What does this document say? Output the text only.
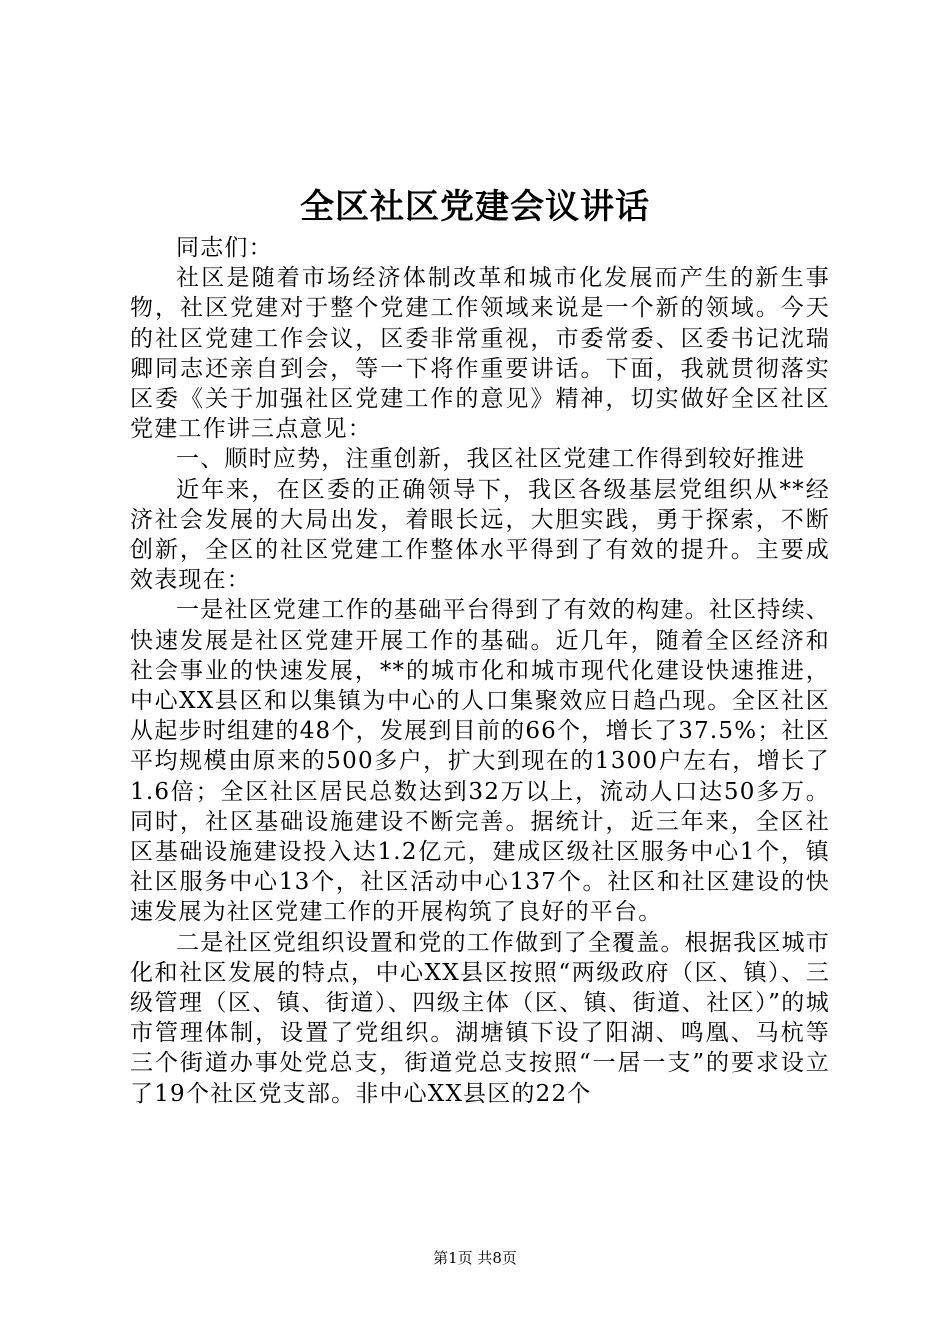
全区社区党建会议讲话

同志们：

社区是随着市场经济体制改革和城市化发展而产生的新生事物，社区党建对于整个党建工作领域来说是一个新的领域。今天的社区党建工作会议，区委非常重视，市委常委、区委书记沈瑞卿同志还亲自到会，等一下将作重要讲话。下面，我就贯彻落实区委《关于加强社区党建工作的意见》精神，切实做好全区社区党建工作讲三点意见：

一、顺时应势，注重创新，我区社区党建工作得到较好推进

近年来，在区委的正确领导下，我区各级基层党组织从**经济社会发展的大局出发，着眼长远，大胆实践，勇于探索，不断创新，全区的社区党建工作整体水平得到了有效的提升。主要成效表现在：

一是社区党建工作的基础平台得到了有效的构建。社区持续、快速发展是社区党建开展工作的基础。近几年，随着全区经济和社会事业的快速发展，**的城市化和城市现代化建设快速推进，中心XX县区和以集镇为中心的人口集聚效应日趋凸现。全区社区从起步时组建的48个，发展到目前的66个，增长了37.5%；社区平均规模由原来的500多户，扩大到现在的1300户左右，增长了1.6倍；全区社区居民总数达到32万以上，流动人口达50多万。同时，社区基础设施建设不断完善。据统计，近三年来，全区社区基础设施建设投入达1.2亿元，建成区级社区服务中心1个，镇社区服务中心13个，社区活动中心137个。社区和社区建设的快速发展为社区党建工作的开展构筑了良好的平台。

二是社区党组织设置和党的工作做到了全覆盖。根据我区城市化和社区发展的特点，中心XX县区按照“两级政府（区、镇）、三级管理（区、镇、街道）、四级主体（区、镇、街道、社区）”的城市管理体制，设置了党组织。湖塘镇下设了阳湖、鸣凰、马杭等三个街道办事处党总支，街道党总支按照“一居一支”的要求设立了19个社区党支部。非中心XX县区的22个

第1页 共8页
